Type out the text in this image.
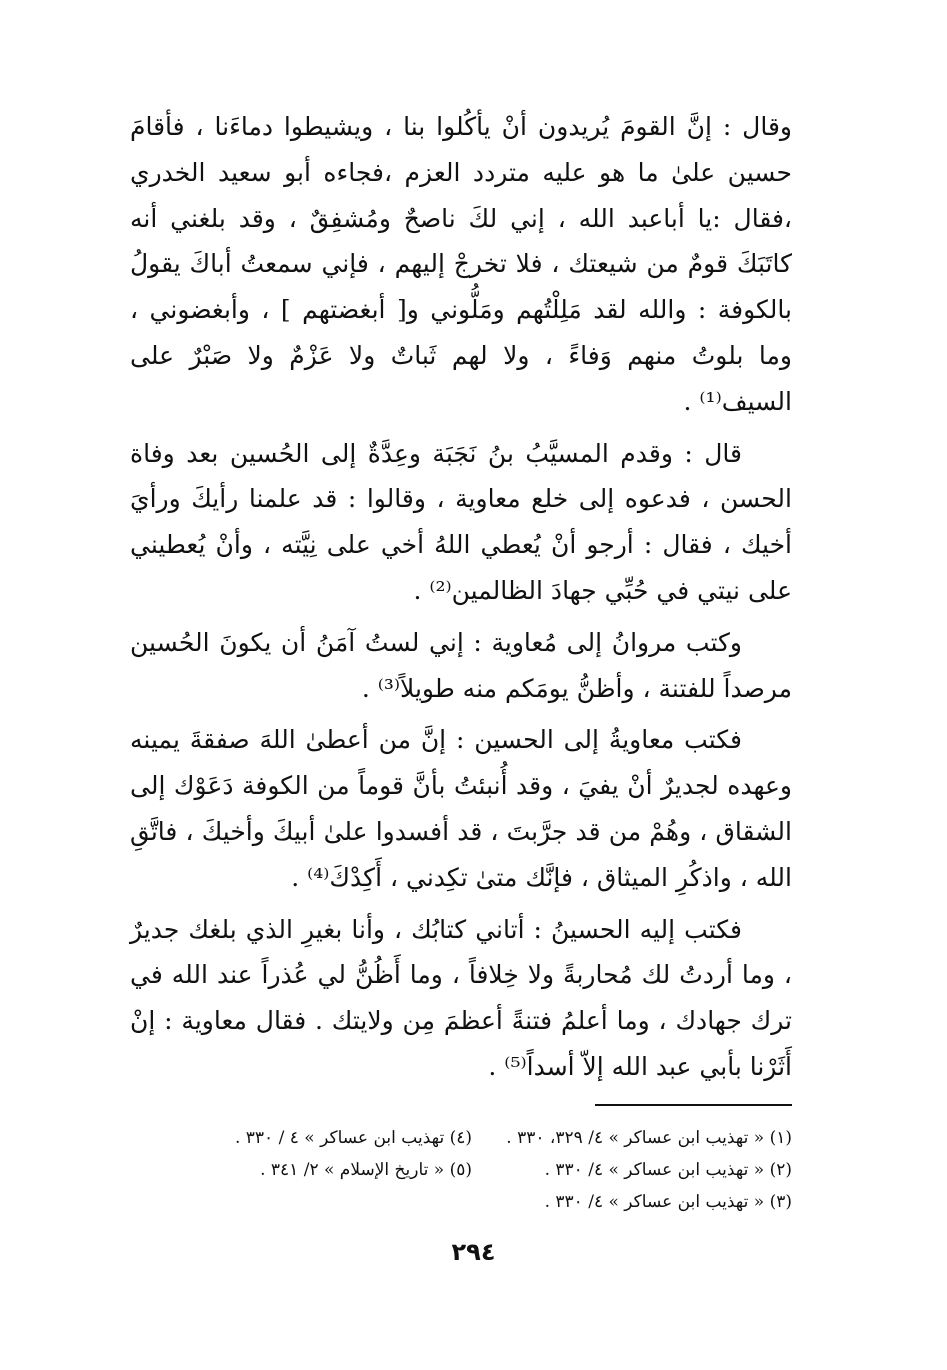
وقال : إنَّ القومَ يُريدون أنْ يأكُلوا بنا ، ويشيطوا دماءَنا ، فأقامَ حسين علىٰ ما هو عليه متردد العزم ،فجاءه أبو سعيد الخدري ،فقال :يا أباعبد الله ، إني لكَ ناصحٌ ومُشفِقٌ ، وقد بلغني أنه كاتَبَكَ قومٌ من شيعتك ، فلا تخرجْ إليهم ، فإني سمعتُ أباكَ يقولُ بالكوفة : والله لقد مَلِلْتُهم ومَلُّوني و[ أبغضتهم ] ، وأبغضوني ، وما بلوتُ منهم وَفاءً ، ولا لهم ثَباتٌ ولا عَزْمٌ ولا صَبْرٌ على السيف⁽¹⁾ .

قال : وقدم المسيَّبُ بنُ نَجَبَة وعِدَّةٌ إلى الحُسين بعد وفاة الحسن ، فدعوه إلى خلع معاوية ، وقالوا : قد علمنا رأيكَ ورأيَ أخيك ، فقال : أرجو أنْ يُعطي اللهُ أخي على نِيَّته ، وأنْ يُعطيني على نيتي في حُبِّي جهادَ الظالمين⁽²⁾ .

وكتب مروانُ إلى مُعاوية : إني لستُ آمَنُ أن يكونَ الحُسين مرصداً للفتنة ، وأظنُّ يومَكم منه طويلاً⁽³⁾ .

فكتب معاويةُ إلى الحسين : إنَّ من أعطىٰ اللهَ صفقةَ يمينه وعهده لجديرٌ أنْ يفيَ ، وقد أُنبئتُ بأنَّ قوماً من الكوفة دَعَوْك إلى الشقاق ، وهُمْ من قد جرَّبتَ ، قد أفسدوا علىٰ أبيكَ وأخيكَ ، فاتَّقِ الله ، واذكُرِ الميثاق ، فإنَّك متىٰ تكِدني ، أَكِدْكَ⁽⁴⁾ .

فكتب إليه الحسينُ : أتاني كتابُك ، وأنا بغيرِ الذي بلغك جديرٌ ، وما أردتُ لك مُحاربةً ولا خِلافاً ، وما أَظُنُّ لي عُذراً عند الله في ترك جهادك ، وما أعلمُ فتنةً أعظمَ مِن ولايتك . فقال معاوية : إنْ أَثَرْنا بأبي عبد الله إلاّ أسداً⁽⁵⁾ .

(١) « تهذيب ابن عساكر » ٤/ ٣٢٩، ٣٣٠ .
(٤) تهذيب ابن عساكر » ٤ / ٣٣٠ .
(٢) « تهذيب ابن عساكر » ٤/ ٣٣٠ .
(٥) « تاريخ الإسلام » ٢/ ٣٤١ .
(٣) « تهذيب ابن عساكر » ٤/ ٣٣٠ .
٢٩٤
